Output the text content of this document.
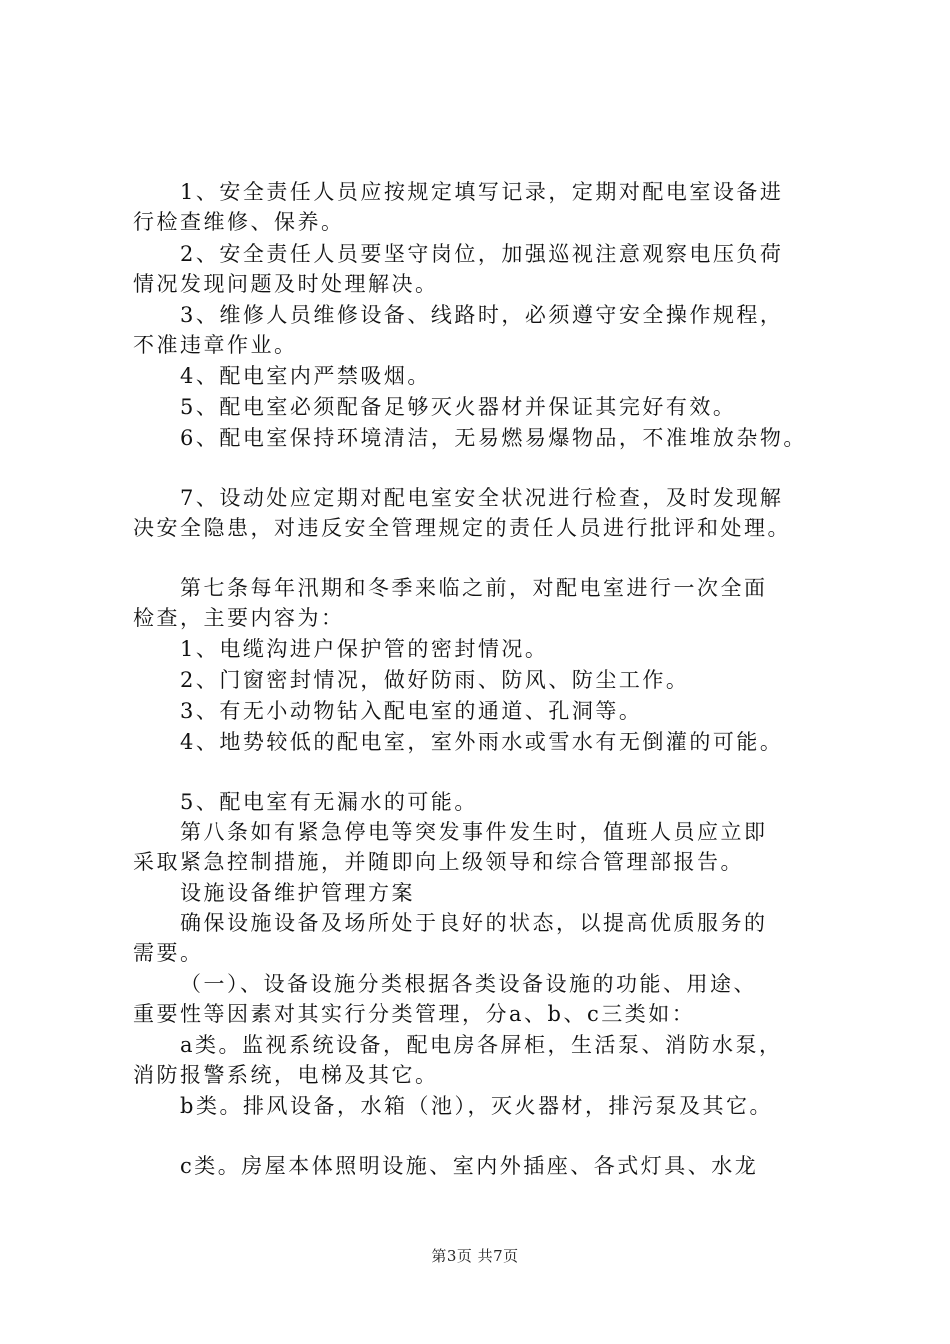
1、安全责任人员应按规定填写记录，定期对配电室设备进
行检查维修、保养。
2、安全责任人员要坚守岗位，加强巡视注意观察电压负荷
情况发现问题及时处理解决。
3、维修人员维修设备、线路时，必须遵守安全操作规程，
不准违章作业。
4、配电室内严禁吸烟。
5、配电室必须配备足够灭火器材并保证其完好有效。
6、配电室保持环境清洁，无易燃易爆物品，不准堆放杂物。
7、设动处应定期对配电室安全状况进行检查，及时发现解
决安全隐患，对违反安全管理规定的责任人员进行批评和处理。
第七条每年汛期和冬季来临之前，对配电室进行一次全面
检查，主要内容为：
1、电缆沟进户保护管的密封情况。
2、门窗密封情况，做好防雨、防风、防尘工作。
3、有无小动物钻入配电室的通道、孔洞等。
4、地势较低的配电室，室外雨水或雪水有无倒灌的可能。
5、配电室有无漏水的可能。
第八条如有紧急停电等突发事件发生时，值班人员应立即
采取紧急控制措施，并随即向上级领导和综合管理部报告。
设施设备维护管理方案
确保设施设备及场所处于良好的状态，以提高优质服务的
需要。
（一）、设备设施分类根据各类设备设施的功能、用途、
重要性等因素对其实行分类管理，分a、b、c三类如：
a类。监视系统设备，配电房各屏柜，生活泵、消防水泵，
消防报警系统，电梯及其它。
b类。排风设备，水箱（池），灭火器材，排污泵及其它。
c类。房屋本体照明设施、室内外插座、各式灯具、水龙
第3页 共7页
